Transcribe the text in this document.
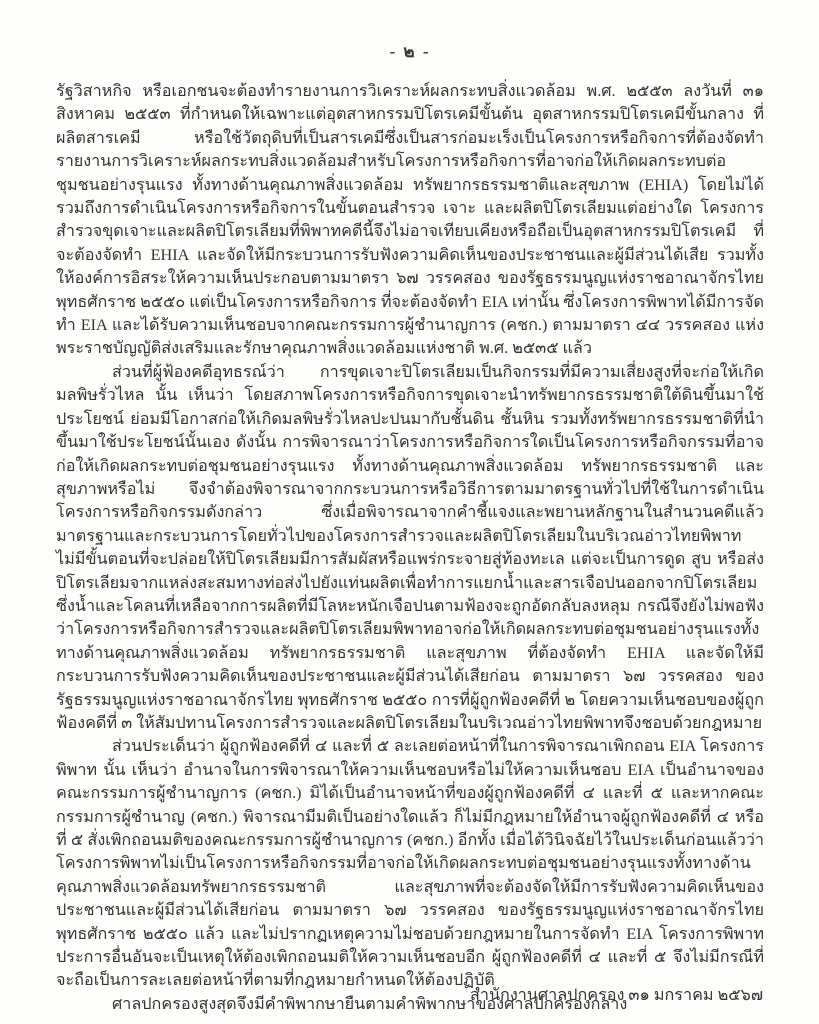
- ๒ -

รัฐวิสาหกิจ หรือเอกชนจะต้องทำรายงานการวิเคราะห์ผลกระทบสิ่งแวดล้อม พ.ศ. ๒๕๕๓ ลงวันที่ ๓๑ สิงหาคม ๒๕๕๓ ที่กำหนดให้เฉพาะแต่อุตสาหกรรมปิโตรเคมีขั้นต้น อุตสาหกรรมปิโตรเคมีขั้นกลาง ที่ผลิตสารเคมี หรือใช้วัตถุดิบที่เป็นสารเคมีซึ่งเป็นสารก่อมะเร็งเป็นโครงการหรือกิจการที่ต้องจัดทำรายงานการวิเคราะห์ผลกระทบสิ่งแวดล้อมสำหรับโครงการหรือกิจการที่อาจก่อให้เกิดผลกระทบต่อชุมชนอย่างรุนแรง ทั้งทางด้านคุณภาพสิ่งแวดล้อม ทรัพยากรธรรมชาติและสุขภาพ (EHIA) โดยไม่ได้รวมถึงการดำเนินโครงการหรือกิจการในขั้นตอนสำรวจ เจาะ และผลิตปิโตรเลียมแต่อย่างใด โครงการสำรวจขุดเจาะและผลิตปิโตรเลียมที่พิพาทคดีนี้จึงไม่อาจเทียบเคียงหรือถือเป็นอุตสาหกรรมปิโตรเคมี ที่จะต้องจัดทำ EHIA และจัดให้มีกระบวนการรับฟังความคิดเห็นของประชาชนและผู้มีส่วนได้เสีย รวมทั้งให้องค์การอิสระให้ความเห็นประกอบตามมาตรา ๖๗ วรรคสอง ของรัฐธรรมนูญแห่งราชอาณาจักรไทย พุทธศักราช ๒๕๕๐ แต่เป็นโครงการหรือกิจการ ที่จะต้องจัดทำ EIA เท่านั้น ซึ่งโครงการพิพาทได้มีการจัดทำ EIA และได้รับความเห็นชอบจากคณะกรรมการผู้ชำนาญการ (คชก.) ตามมาตรา ๔๔ วรรคสอง แห่งพระราชบัญญัติส่งเสริมและรักษาคุณภาพสิ่งแวดล้อมแห่งชาติ พ.ศ. ๒๕๓๕ แล้ว

ส่วนที่ผู้ฟ้องคดีอุทธรณ์ว่า การขุดเจาะปิโตรเลียมเป็นกิจกรรมที่มีความเสี่ยงสูงที่จะก่อให้เกิดมลพิษรั่วไหล นั้น เห็นว่า โดยสภาพโครงการหรือกิจการขุดเจาะนำทรัพยากรธรรมชาติใต้ดินขึ้นมาใช้ประโยชน์ ย่อมมีโอกาสก่อให้เกิดมลพิษรั่วไหลปะปนมากับชั้นดิน ชั้นหิน รวมทั้งทรัพยากรธรรมชาติที่นำขึ้นมาใช้ประโยชน์นั้นเอง ดังนั้น การพิจารณาว่าโครงการหรือกิจการใดเป็นโครงการหรือกิจกรรมที่อาจก่อให้เกิดผลกระทบต่อชุมชนอย่างรุนแรง ทั้งทางด้านคุณภาพสิ่งแวดล้อม ทรัพยากรธรรมชาติ และสุขภาพหรือไม่ จึงจำต้องพิจารณาจากกระบวนการหรือวิธีการตามมาตรฐานทั่วไปที่ใช้ในการดำเนินโครงการหรือกิจกรรมดังกล่าว ซึ่งเมื่อพิจารณาจากคำชี้แจงและพยานหลักฐานในสำนวนคดีแล้ว มาตรฐานและกระบวนการโดยทั่วไปของโครงการสำรวจและผลิตปิโตรเลียมในบริเวณอ่าวไทยพิพาทไม่มีขั้นตอนที่จะปล่อยให้ปิโตรเลียมมีการสัมผัสหรือแพร่กระจายสู่ท้องทะเล แต่จะเป็นการดูด สูบ หรือส่งปิโตรเลียมจากแหล่งสะสมทางท่อส่งไปยังแท่นผลิตเพื่อทำการแยกน้ำและสารเจือปนออกจากปิโตรเลียม ซึ่งน้ำและโคลนที่เหลือจากการผลิตที่มีโลหะหนักเจือปนตามฟ้องจะถูกอัดกลับลงหลุม กรณีจึงยังไม่พอฟังว่าโครงการหรือกิจการสำรวจและผลิตปิโตรเลียมพิพาทอาจก่อให้เกิดผลกระทบต่อชุมชนอย่างรุนแรงทั้งทางด้านคุณภาพสิ่งแวดล้อม ทรัพยากรธรรมชาติ และสุขภาพ ที่ต้องจัดทำ EHIA และจัดให้มีกระบวนการรับฟังความคิดเห็นของประชาชนและผู้มีส่วนได้เสียก่อน ตามมาตรา ๖๗ วรรคสอง ของรัฐธรรมนูญแห่งราชอาณาจักรไทย พุทธศักราช ๒๕๕๐ การที่ผู้ถูกฟ้องคดีที่ ๒ โดยความเห็นชอบของผู้ถูกฟ้องคดีที่ ๓ ให้สัมปทานโครงการสำรวจและผลิตปิโตรเลียมในบริเวณอ่าวไทยพิพาทจึงชอบด้วยกฎหมาย

ส่วนประเด็นว่า ผู้ถูกฟ้องคดีที่ ๔ และที่ ๕ ละเลยต่อหน้าที่ในการพิจารณาเพิกถอน EIA โครงการพิพาท นั้น เห็นว่า อำนาจในการพิจารณาให้ความเห็นชอบหรือไม่ให้ความเห็นชอบ EIA เป็นอำนาจของคณะกรรมการผู้ชำนาญการ (คชก.) มิได้เป็นอำนาจหน้าที่ของผู้ถูกฟ้องคดีที่ ๔ และที่ ๕ และหากคณะกรรมการผู้ชำนาญ (คชก.) พิจารณามีมติเป็นอย่างใดแล้ว ก็ไม่มีกฎหมายให้อำนาจผู้ถูกฟ้องคดีที่ ๔ หรือที่ ๕ สั่งเพิกถอนมติของคณะกรรมการผู้ชำนาญการ (คชก.) อีกทั้ง เมื่อได้วินิจฉัยไว้ในประเด็นก่อนแล้วว่า โครงการพิพาทไม่เป็นโครงการหรือกิจกรรมที่อาจก่อให้เกิดผลกระทบต่อชุมชนอย่างรุนแรงทั้งทางด้านคุณภาพสิ่งแวดล้อมทรัพยากรธรรมชาติ และสุขภาพที่จะต้องจัดให้มีการรับฟังความคิดเห็นของประชาชนและผู้มีส่วนได้เสียก่อน ตามมาตรา ๖๗ วรรคสอง ของรัฐธรรมนูญแห่งราชอาณาจักรไทย พุทธศักราช ๒๕๕๐ แล้ว และไม่ปรากฏเหตุความไม่ชอบด้วยกฎหมายในการจัดทำ EIA โครงการพิพาทประการอื่นอันจะเป็นเหตุให้ต้องเพิกถอนมติให้ความเห็นชอบอีก ผู้ถูกฟ้องคดีที่ ๔ และที่ ๕ จึงไม่มีกรณีที่จะถือเป็นการละเลยต่อหน้าที่ตามที่กฎหมายกำหนดให้ต้องปฏิบัติ

ศาลปกครองสูงสุดจึงมีคำพิพากษายืนตามคำพิพากษาของศาลปกครองกลาง

สำนักงานศาลปกครอง ๓๑ มกราคม ๒๕๖๗
